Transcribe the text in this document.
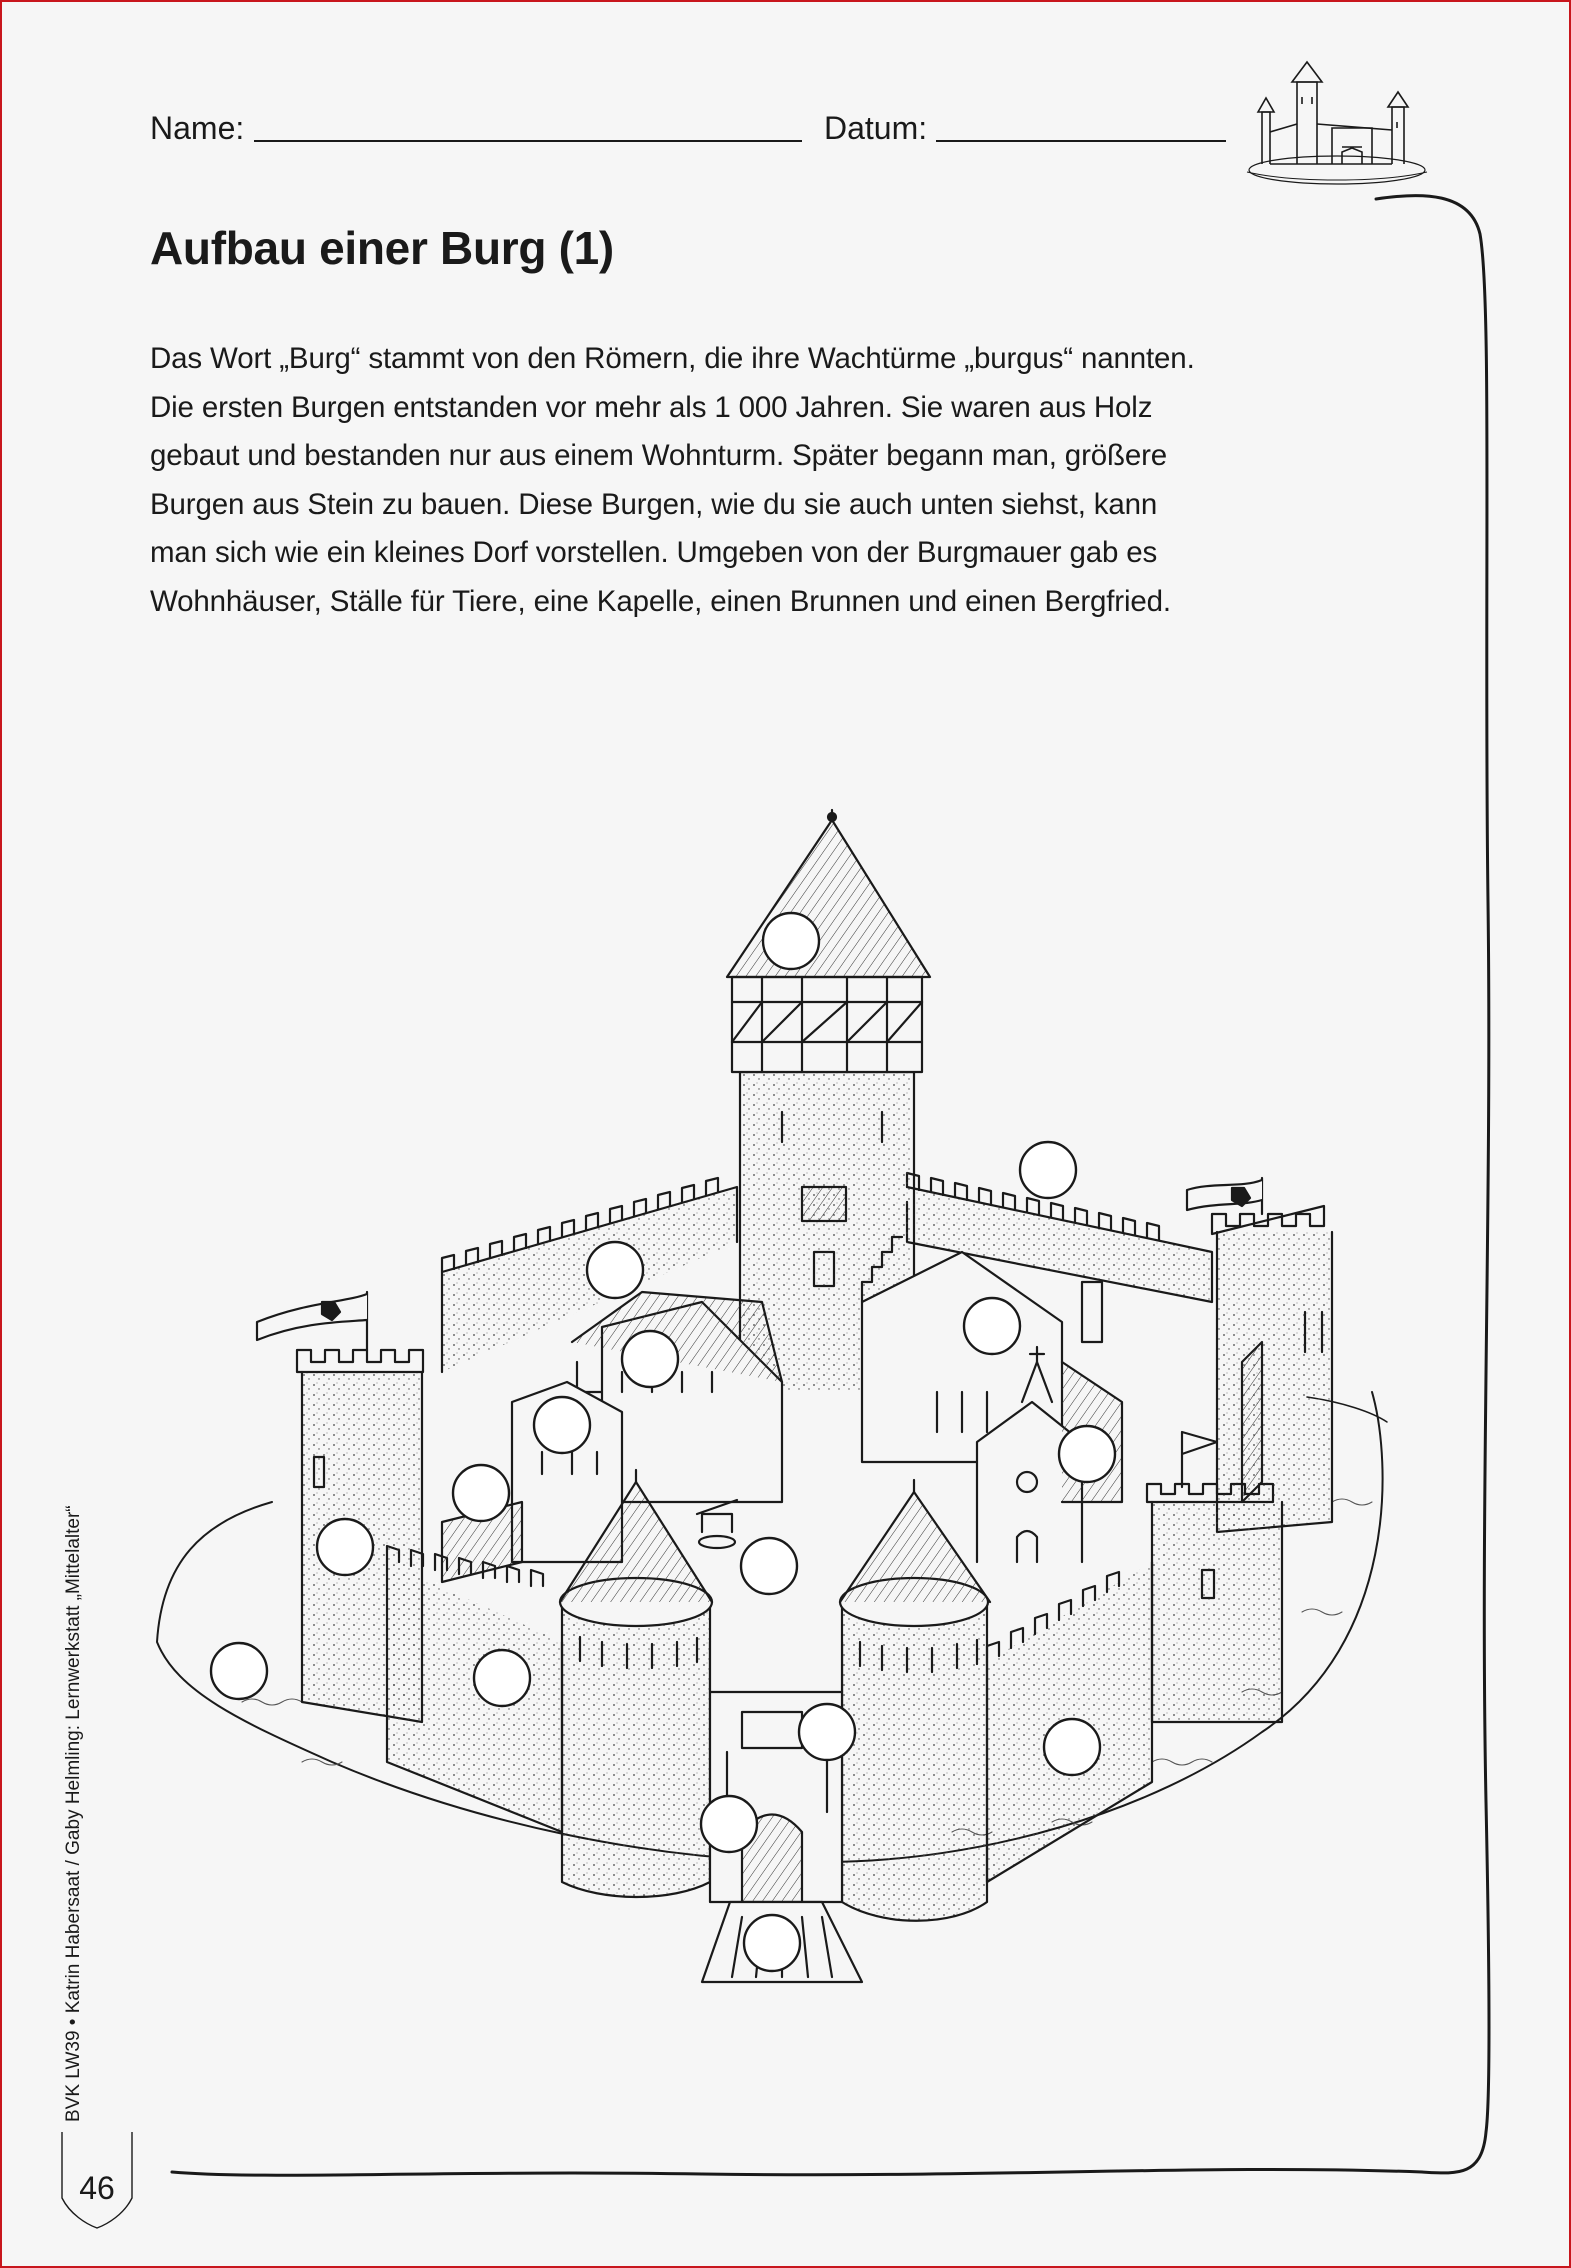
Name:	Datum:
Aufbau einer Burg (1)
Das Wort „Burg“ stammt von den Römern, die ihre Wachtürme „burgus“ nannten.
Die ersten Burgen entstanden vor mehr als 1 000 Jahren. Sie waren aus Holz
gebaut und bestanden nur aus einem Wohnturm. Später begann man, größere
Burgen aus Stein zu bauen. Diese Burgen, wie du sie auch unten siehst, kann
man sich wie ein kleines Dorf vorstellen. Umgeben von der Burgmauer gab es
Wohnhäuser, Ställe für Tiere, eine Kapelle, einen Brunnen und einen Bergfried.
BVK LW39 • Katrin Habersaat / Gaby Helmling: Lernwerkstatt „Mittelalter“
46
